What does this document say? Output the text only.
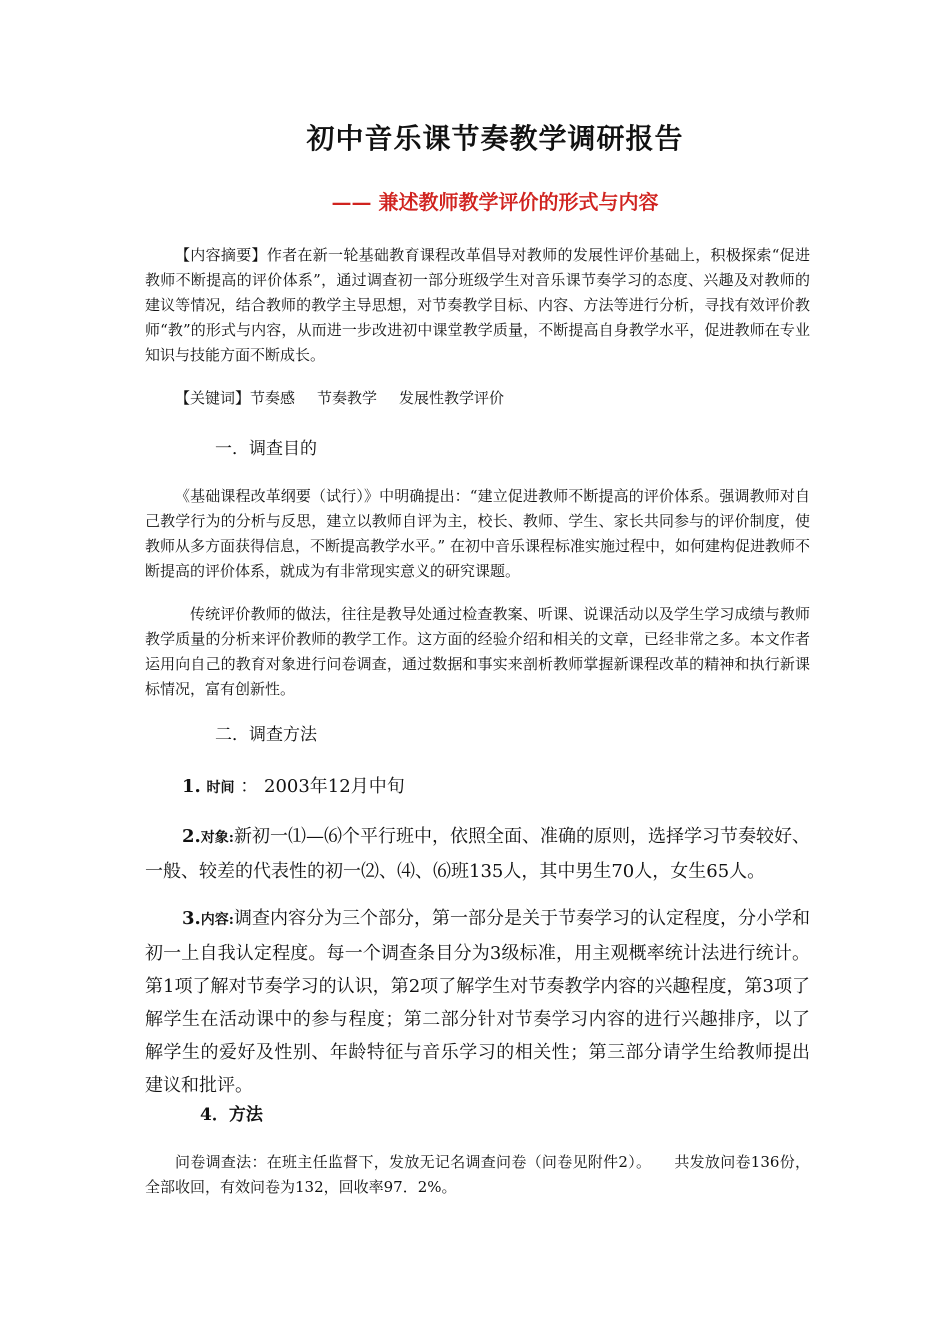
初中音乐课节奏教学调研报告
—— 兼述教师教学评价的形式与内容
【内容摘要】作者在新一轮基础教育课程改革倡导对教师的发展性评价基础上，积极探索“促进教师不断提高的评价体系”，通过调查初一部分班级学生对音乐课节奏学习的态度、兴趣及对教师的建议等情况，结合教师的教学主导思想，对节奏教学目标、内容、方法等进行分析，寻找有效评价教师“教”的形式与内容，从而进一步改进初中课堂教学质量，不断提高自身教学水平，促进教师在专业知识与技能方面不断成长。
【关键词】节奏感 节奏教学 发展性教学评价
一．调查目的
《基础课程改革纲要（试行）》中明确提出：“建立促进教师不断提高的评价体系。强调教师对自己教学行为的分析与反思，建立以教师自评为主，校长、教师、学生、家长共同参与的评价制度，使教师从多方面获得信息，不断提高教学水平。” 在初中音乐课程标准实施过程中，如何建构促进教师不断提高的评价体系，就成为有非常现实意义的研究课题。
传统评价教师的做法，往往是教导处通过检查教案、听课、说课活动以及学生学习成绩与教师教学质量的分析来评价教师的教学工作。这方面的经验介绍和相关的文章，已经非常之多。本文作者运用向自己的教育对象进行问卷调查，通过数据和事实来剖析教师掌握新课程改革的精神和执行新课标情况，富有创新性。
二．调查方法
1. 时间 ： 2003年12月中旬
2.对象:新初一⑴—⑹个平行班中，依照全面、准确的原则，选择学习节奏较好、一般、较差的代表性的初一⑵、⑷、⑹班135人，其中男生70人，女生65人。
3.内容:调查内容分为三个部分，第一部分是关于节奏学习的认定程度，分小学和初一上自我认定程度。每一个调查条目分为3级标准，用主观概率统计法进行统计。第1项了解对节奏学习的认识，第2项了解学生对节奏教学内容的兴趣程度，第3项了解学生在活动课中的参与程度；第二部分针对节奏学习内容的进行兴趣排序，以了解学生的爱好及性别、年龄特征与音乐学习的相关性；第三部分请学生给教师提出建议和批评。
4．方法
问卷调查法：在班主任监督下，发放无记名调查问卷（问卷见附件2）。　　共发放问卷136份，全部收回，有效问卷为132，回收率97．2%。
